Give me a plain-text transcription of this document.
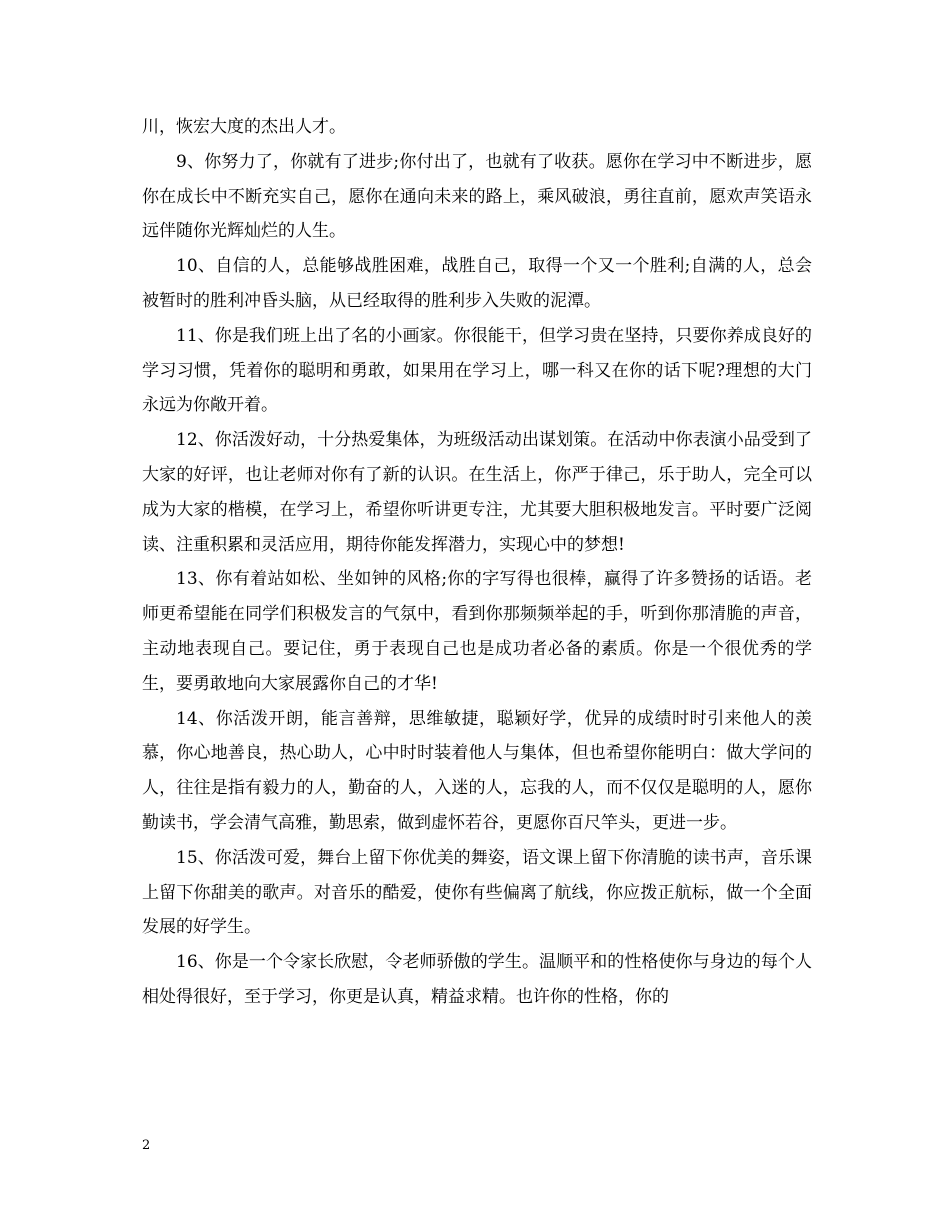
川，恢宏大度的杰出人才。

9、你努力了，你就有了进步;你付出了，也就有了收获。愿你在学习中不断进步，愿你在成长中不断充实自己，愿你在通向未来的路上，乘风破浪，勇往直前，愿欢声笑语永远伴随你光辉灿烂的人生。

10、自信的人，总能够战胜困难，战胜自己，取得一个又一个胜利;自满的人，总会被暂时的胜利冲昏头脑，从已经取得的胜利步入失败的泥潭。

11、你是我们班上出了名的小画家。你很能干，但学习贵在坚持，只要你养成良好的学习习惯，凭着你的聪明和勇敢，如果用在学习上，哪一科又在你的话下呢?理想的大门永远为你敞开着。

12、你活泼好动，十分热爱集体，为班级活动出谋划策。在活动中你表演小品受到了大家的好评，也让老师对你有了新的认识。在生活上，你严于律己，乐于助人，完全可以成为大家的楷模，在学习上，希望你听讲更专注，尤其要大胆积极地发言。平时要广泛阅读、注重积累和灵活应用，期待你能发挥潜力，实现心中的梦想!

13、你有着站如松、坐如钟的风格;你的字写得也很棒，赢得了许多赞扬的话语。老师更希望能在同学们积极发言的气氛中，看到你那频频举起的手，听到你那清脆的声音，主动地表现自己。要记住，勇于表现自己也是成功者必备的素质。你是一个很优秀的学生，要勇敢地向大家展露你自己的才华!

14、你活泼开朗，能言善辩，思维敏捷，聪颖好学，优异的成绩时时引来他人的羡慕，你心地善良，热心助人，心中时时装着他人与集体，但也希望你能明白：做大学问的人，往往是指有毅力的人，勤奋的人，入迷的人，忘我的人，而不仅仅是聪明的人，愿你勤读书，学会清气高雅，勤思索，做到虚怀若谷，更愿你百尺竿头，更进一步。

15、你活泼可爱，舞台上留下你优美的舞姿，语文课上留下你清脆的读书声，音乐课上留下你甜美的歌声。对音乐的酷爱，使你有些偏离了航线，你应拨正航标，做一个全面发展的好学生。

16、你是一个令家长欣慰，令老师骄傲的学生。温顺平和的性格使你与身边的每个人相处得很好，至于学习，你更是认真，精益求精。也许你的性格，你的

2
